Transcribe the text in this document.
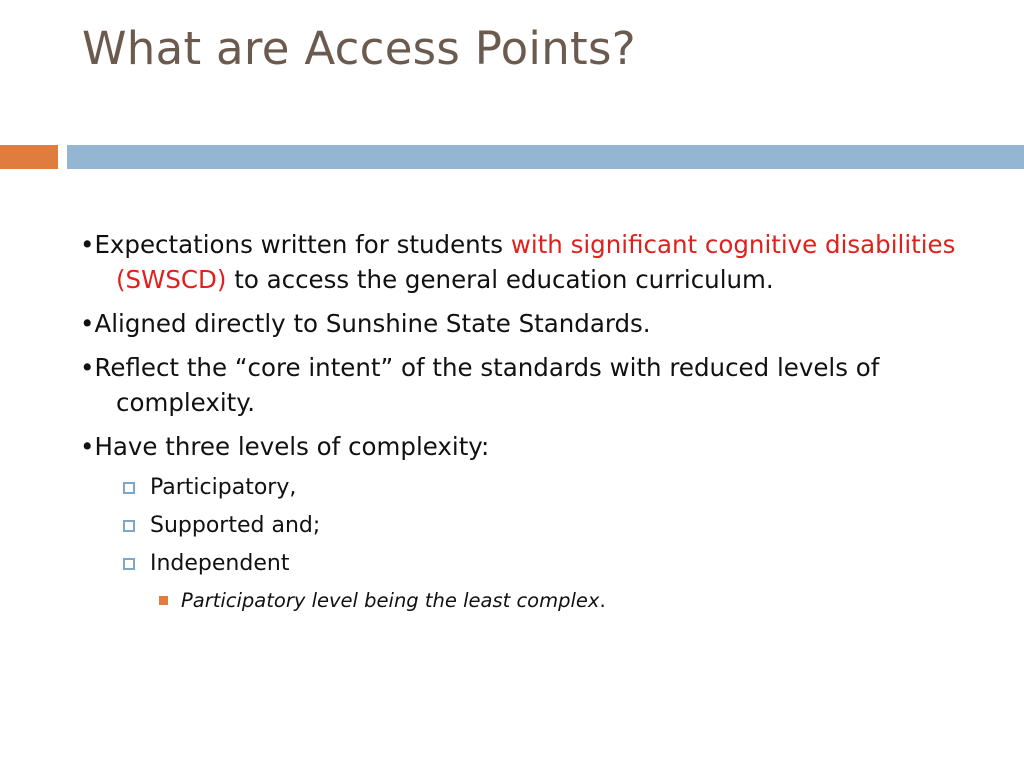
What are Access Points?
•Expectations written for students with significant cognitive disabilities (SWSCD) to access the general education curriculum.
•Aligned directly to Sunshine State Standards.
•Reflect the “core intent” of the standards with reduced levels of complexity.
•Have three levels of complexity:
Participatory,
Supported and;
Independent
Participatory level being the least complex.
